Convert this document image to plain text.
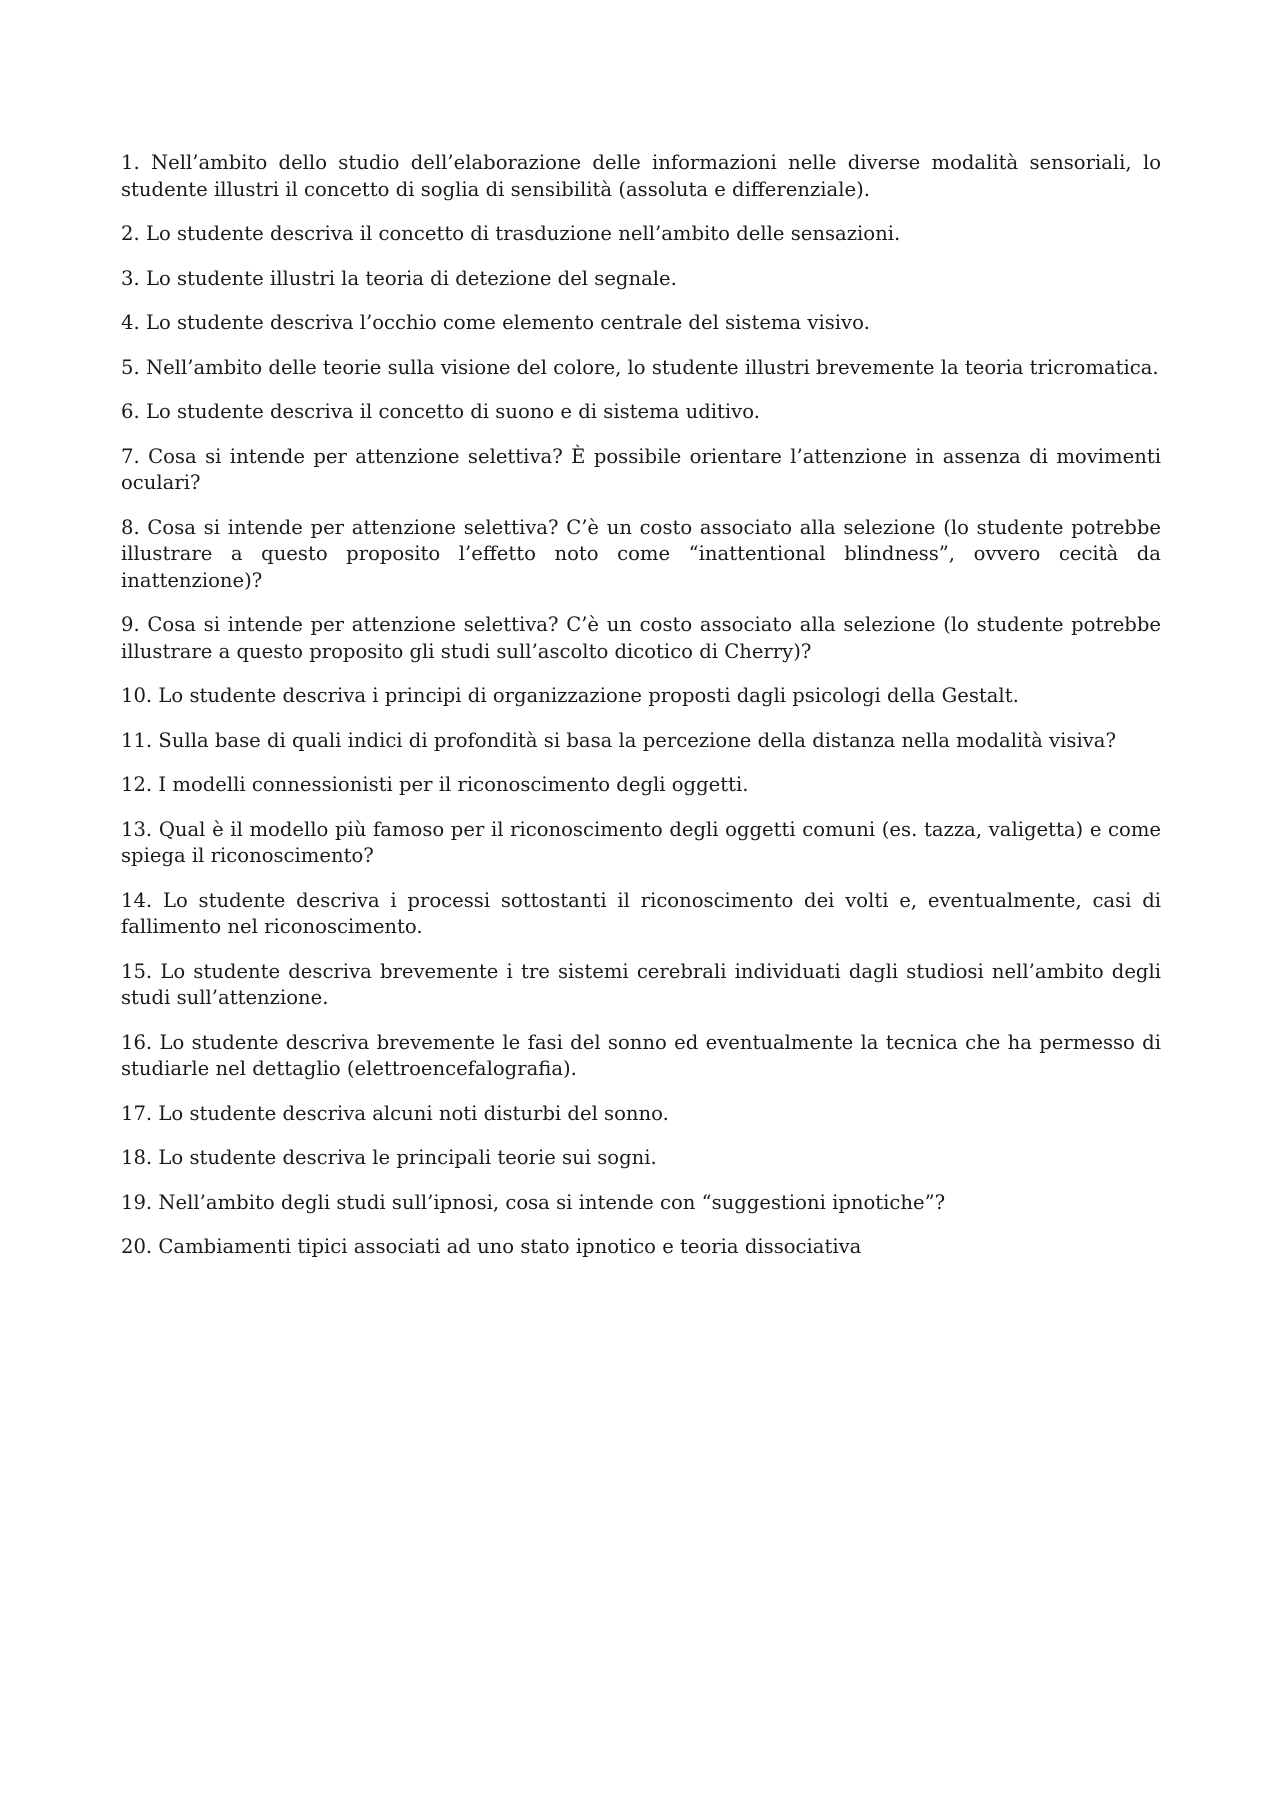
1. Nell’ambito dello studio dell’elaborazione delle informazioni nelle diverse modalità sensoriali, lo studente illustri il concetto di soglia di sensibilità (assoluta e differenziale).
2. Lo studente descriva il concetto di trasduzione nell’ambito delle sensazioni.
3. Lo studente illustri la teoria di detezione del segnale.
4. Lo studente descriva l’occhio come elemento centrale del sistema visivo.
5. Nell’ambito delle teorie sulla visione del colore, lo studente illustri brevemente la teoria tricromatica.
6. Lo studente descriva il concetto di suono e di sistema uditivo.
7. Cosa si intende per attenzione selettiva? È possibile orientare l’attenzione in assenza di movimenti oculari?
8. Cosa si intende per attenzione selettiva? C’è un costo associato alla selezione (lo studente potrebbe illustrare a questo proposito l’effetto noto come “inattentional blindness”, ovvero cecità da inattenzione)?
9. Cosa si intende per attenzione selettiva? C’è un costo associato alla selezione (lo studente potrebbe illustrare a questo proposito gli studi sull’ascolto dicotico di Cherry)?
10. Lo studente descriva i principi di organizzazione proposti dagli psicologi della Gestalt.
11. Sulla base di quali indici di profondità si basa la percezione della distanza nella modalità visiva?
12. I modelli connessionisti per il riconoscimento degli oggetti.
13. Qual è il modello più famoso per il riconoscimento degli oggetti comuni (es. tazza, valigetta) e come spiega il riconoscimento?
14. Lo studente descriva i processi sottostanti il riconoscimento dei volti e, eventualmente, casi di fallimento nel riconoscimento.
15. Lo studente descriva brevemente i tre sistemi cerebrali individuati dagli studiosi nell’ambito degli studi sull’attenzione.
16. Lo studente descriva brevemente le fasi del sonno ed eventualmente la tecnica che ha permesso di studiarle nel dettaglio (elettroencefalografia).
17. Lo studente descriva alcuni noti disturbi del sonno.
18. Lo studente descriva le principali teorie sui sogni.
19. Nell’ambito degli studi sull’ipnosi, cosa si intende con “suggestioni ipnotiche”?
20. Cambiamenti tipici associati ad uno stato ipnotico e teoria dissociativa
